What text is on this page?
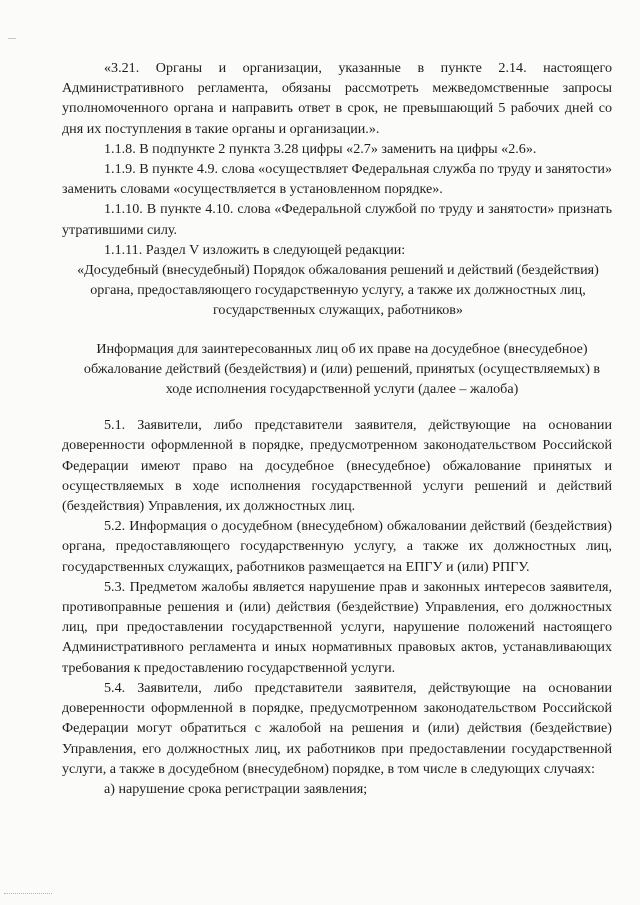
«3.21. Органы и организации, указанные в пункте 2.14. настоящего Административного регламента, обязаны рассмотреть межведомственные запросы уполномоченного органа и направить ответ в срок, не превышающий 5 рабочих дней со дня их поступления в такие органы и организации.».

1.1.8. В подпункте 2 пункта 3.28 цифры «2.7» заменить на цифры «2.6».

1.1.9. В пункте 4.9. слова «осуществляет Федеральная служба по труду и занятости» заменить словами «осуществляется в установленном порядке».

1.1.10. В пункте 4.10. слова «Федеральной службой по труду и занятости» признать утратившими силу.

1.1.11. Раздел V изложить в следующей редакции:

«Досудебный (внесудебный) Порядок обжалования решений и действий (бездействия) органа, предоставляющего государственную услугу, а также их должностных лиц, государственных служащих, работников»

Информация для заинтересованных лиц об их праве на досудебное (внесудебное) обжалование действий (бездействия) и (или) решений, принятых (осуществляемых) в ходе исполнения государственной услуги (далее – жалоба)

5.1. Заявители, либо представители заявителя, действующие на основании доверенности оформленной в порядке, предусмотренном законодательством Российской Федерации имеют право на досудебное (внесудебное) обжалование принятых и осуществляемых в ходе исполнения государственной услуги решений и действий (бездействия) Управления, их должностных лиц.

5.2. Информация о досудебном (внесудебном) обжаловании действий (бездействия) органа, предоставляющего государственную услугу, а также их должностных лиц, государственных служащих, работников размещается на ЕПГУ и (или) РПГУ.

5.3. Предметом жалобы является нарушение прав и законных интересов заявителя, противоправные решения и (или) действия (бездействие) Управления, его должностных лиц, при предоставлении государственной услуги, нарушение положений настоящего Административного регламента и иных нормативных правовых актов, устанавливающих требования к предоставлению государственной услуги.

5.4. Заявители, либо представители заявителя, действующие на основании доверенности оформленной в порядке, предусмотренном законодательством Российской Федерации могут обратиться с жалобой на решения и (или) действия (бездействие) Управления, его должностных лиц, их работников при предоставлении государственной услуги, а также в досудебном (внесудебном) порядке, в том числе в следующих случаях:

а) нарушение срока регистрации заявления;
